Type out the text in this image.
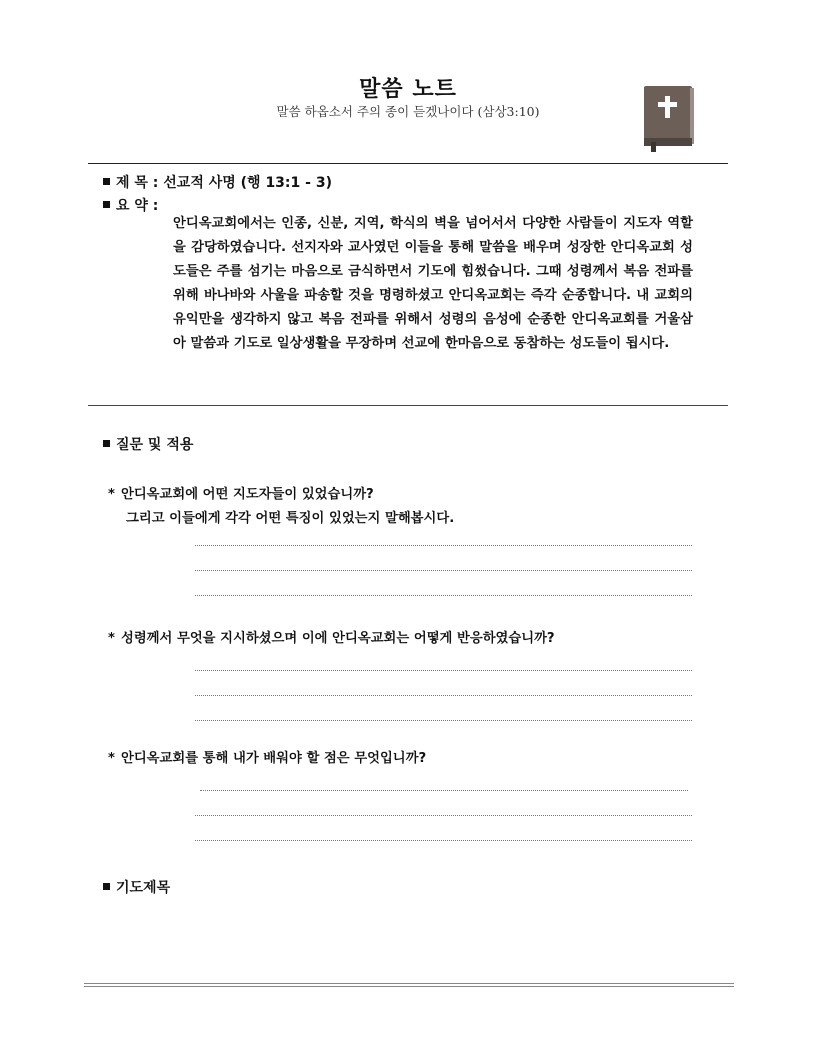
말씀 노트
말씀 하옵소서 주의 종이 듣겠나이다 (삼상3:10)
제 목 : 선교적 사명 (행 13:1 - 3)
요 약 :
안디옥교회에서는 인종, 신분, 지역, 학식의 벽을 넘어서서 다양한 사람들이 지도자 역할을 감당하였습니다. 선지자와 교사였던 이들을 통해 말씀을 배우며 성장한 안디옥교회 성도들은 주를 섬기는 마음으로 금식하면서 기도에 힘썼습니다. 그때 성령께서 복음 전파를 위해 바나바와 사울을 파송할 것을 명령하셨고 안디옥교회는 즉각 순종합니다. 내 교회의 유익만을 생각하지 않고 복음 전파를 위해서 성령의 음성에 순종한 안디옥교회를 거울삼아 말씀과 기도로 일상생활을 무장하며 선교에 한마음으로 동참하는 성도들이 됩시다.
질문 및 적용
* 안디옥교회에 어떤 지도자들이 있었습니까?
그리고 이들에게 각각 어떤 특징이 있었는지 말해봅시다.
* 성령께서 무엇을 지시하셨으며 이에 안디옥교회는 어떻게 반응하였습니까?
* 안디옥교회를 통해 내가 배워야 할 점은 무엇입니까?
기도제목
